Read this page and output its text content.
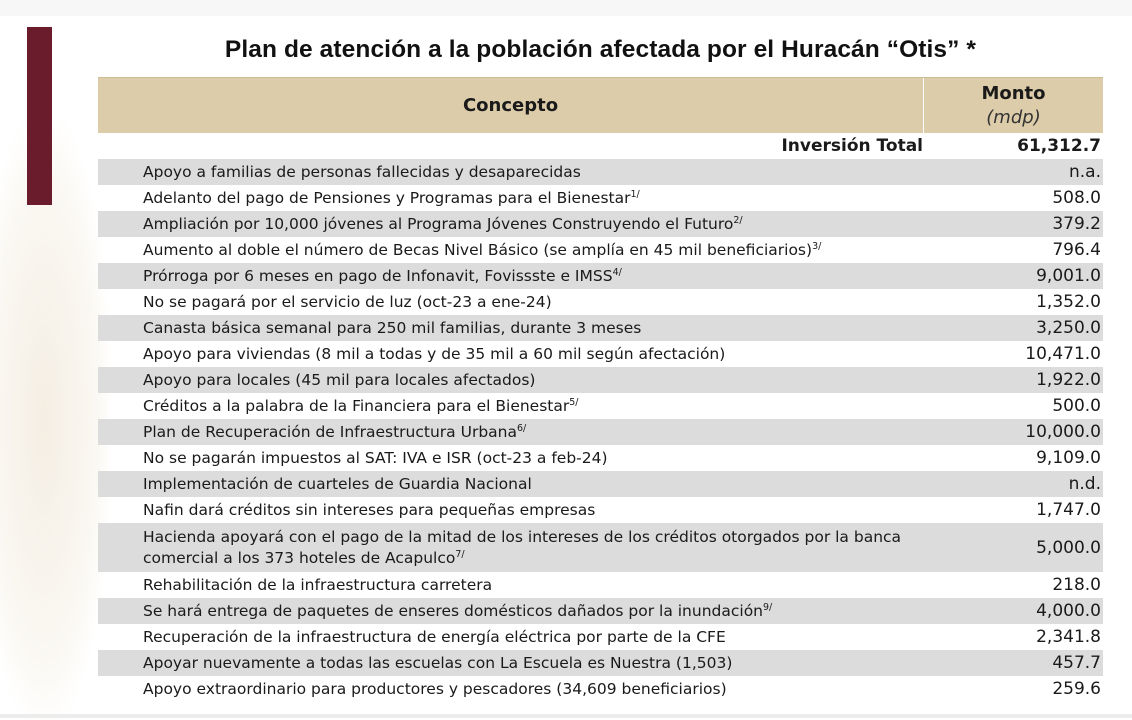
Plan de atención a la población afectada por el Huracán “Otis” *
Concepto
Monto
(mdp)
Inversión Total	61,312.7
Apoyo a familias de personas fallecidas y desaparecidas	n.a.
Adelanto del pago de Pensiones y Programas para el Bienestar$^{1/}$	508.0
Ampliación por 10,000 jóvenes al Programa Jóvenes Construyendo el Futuro$^{2/}$	379.2
Aumento al doble el número de Becas Nivel Básico (se amplía en 45 mil beneficiarios)$^{3/}$	796.4
Prórroga por 6 meses en pago de Infonavit, Fovissste e $IMSS^{4/}$	9,001.0
No se pagará por el servicio de luz (oct-23 a ene-24)	1,352.0
Canasta básica semanal para 250 mil familias, durante 3 meses	3,250.0
Apoyo para viviendas (8 mil a todas y de 35 mil a 60 mil según afectación)	10,471.0
Apoyo para locales (45 mil para locales afectados)	1,922.0
Créditos a la palabra de la Financiera para el Bienestar$^{5/}$	500.0
Plan de Recuperación de Infraestructura Urbana$^{6/}$	10,000.0
No se pagarán impuestos al SAT: IVA e ISR (oct-23 a feb-24)	9,109.0
Implementación de cuarteles de Guardia Nacional	n.d.
Nafin dará créditos sin intereses para pequeñas empresas	1,747.0
Hacienda apoyará con el pago de la mitad de los intereses de los créditos otorgados por la banca comercial a los 373 hoteles de Acapulco$^{7/}$	5,000.0
Rehabilitación de la infraestructura carretera	218.0
Se hará entrega de paquetes de enseres domésticos dañados por la inundación$^{9/}$	4,000.0
Recuperación de la infraestructura de energía eléctrica por parte de la CFE	2,341.8
Apoyar nuevamente a todas las escuelas con La Escuela es Nuestra (1,503)	457.7
Apoyo extraordinario para productores y pescadores (34,609 beneficiarios)	259.6
